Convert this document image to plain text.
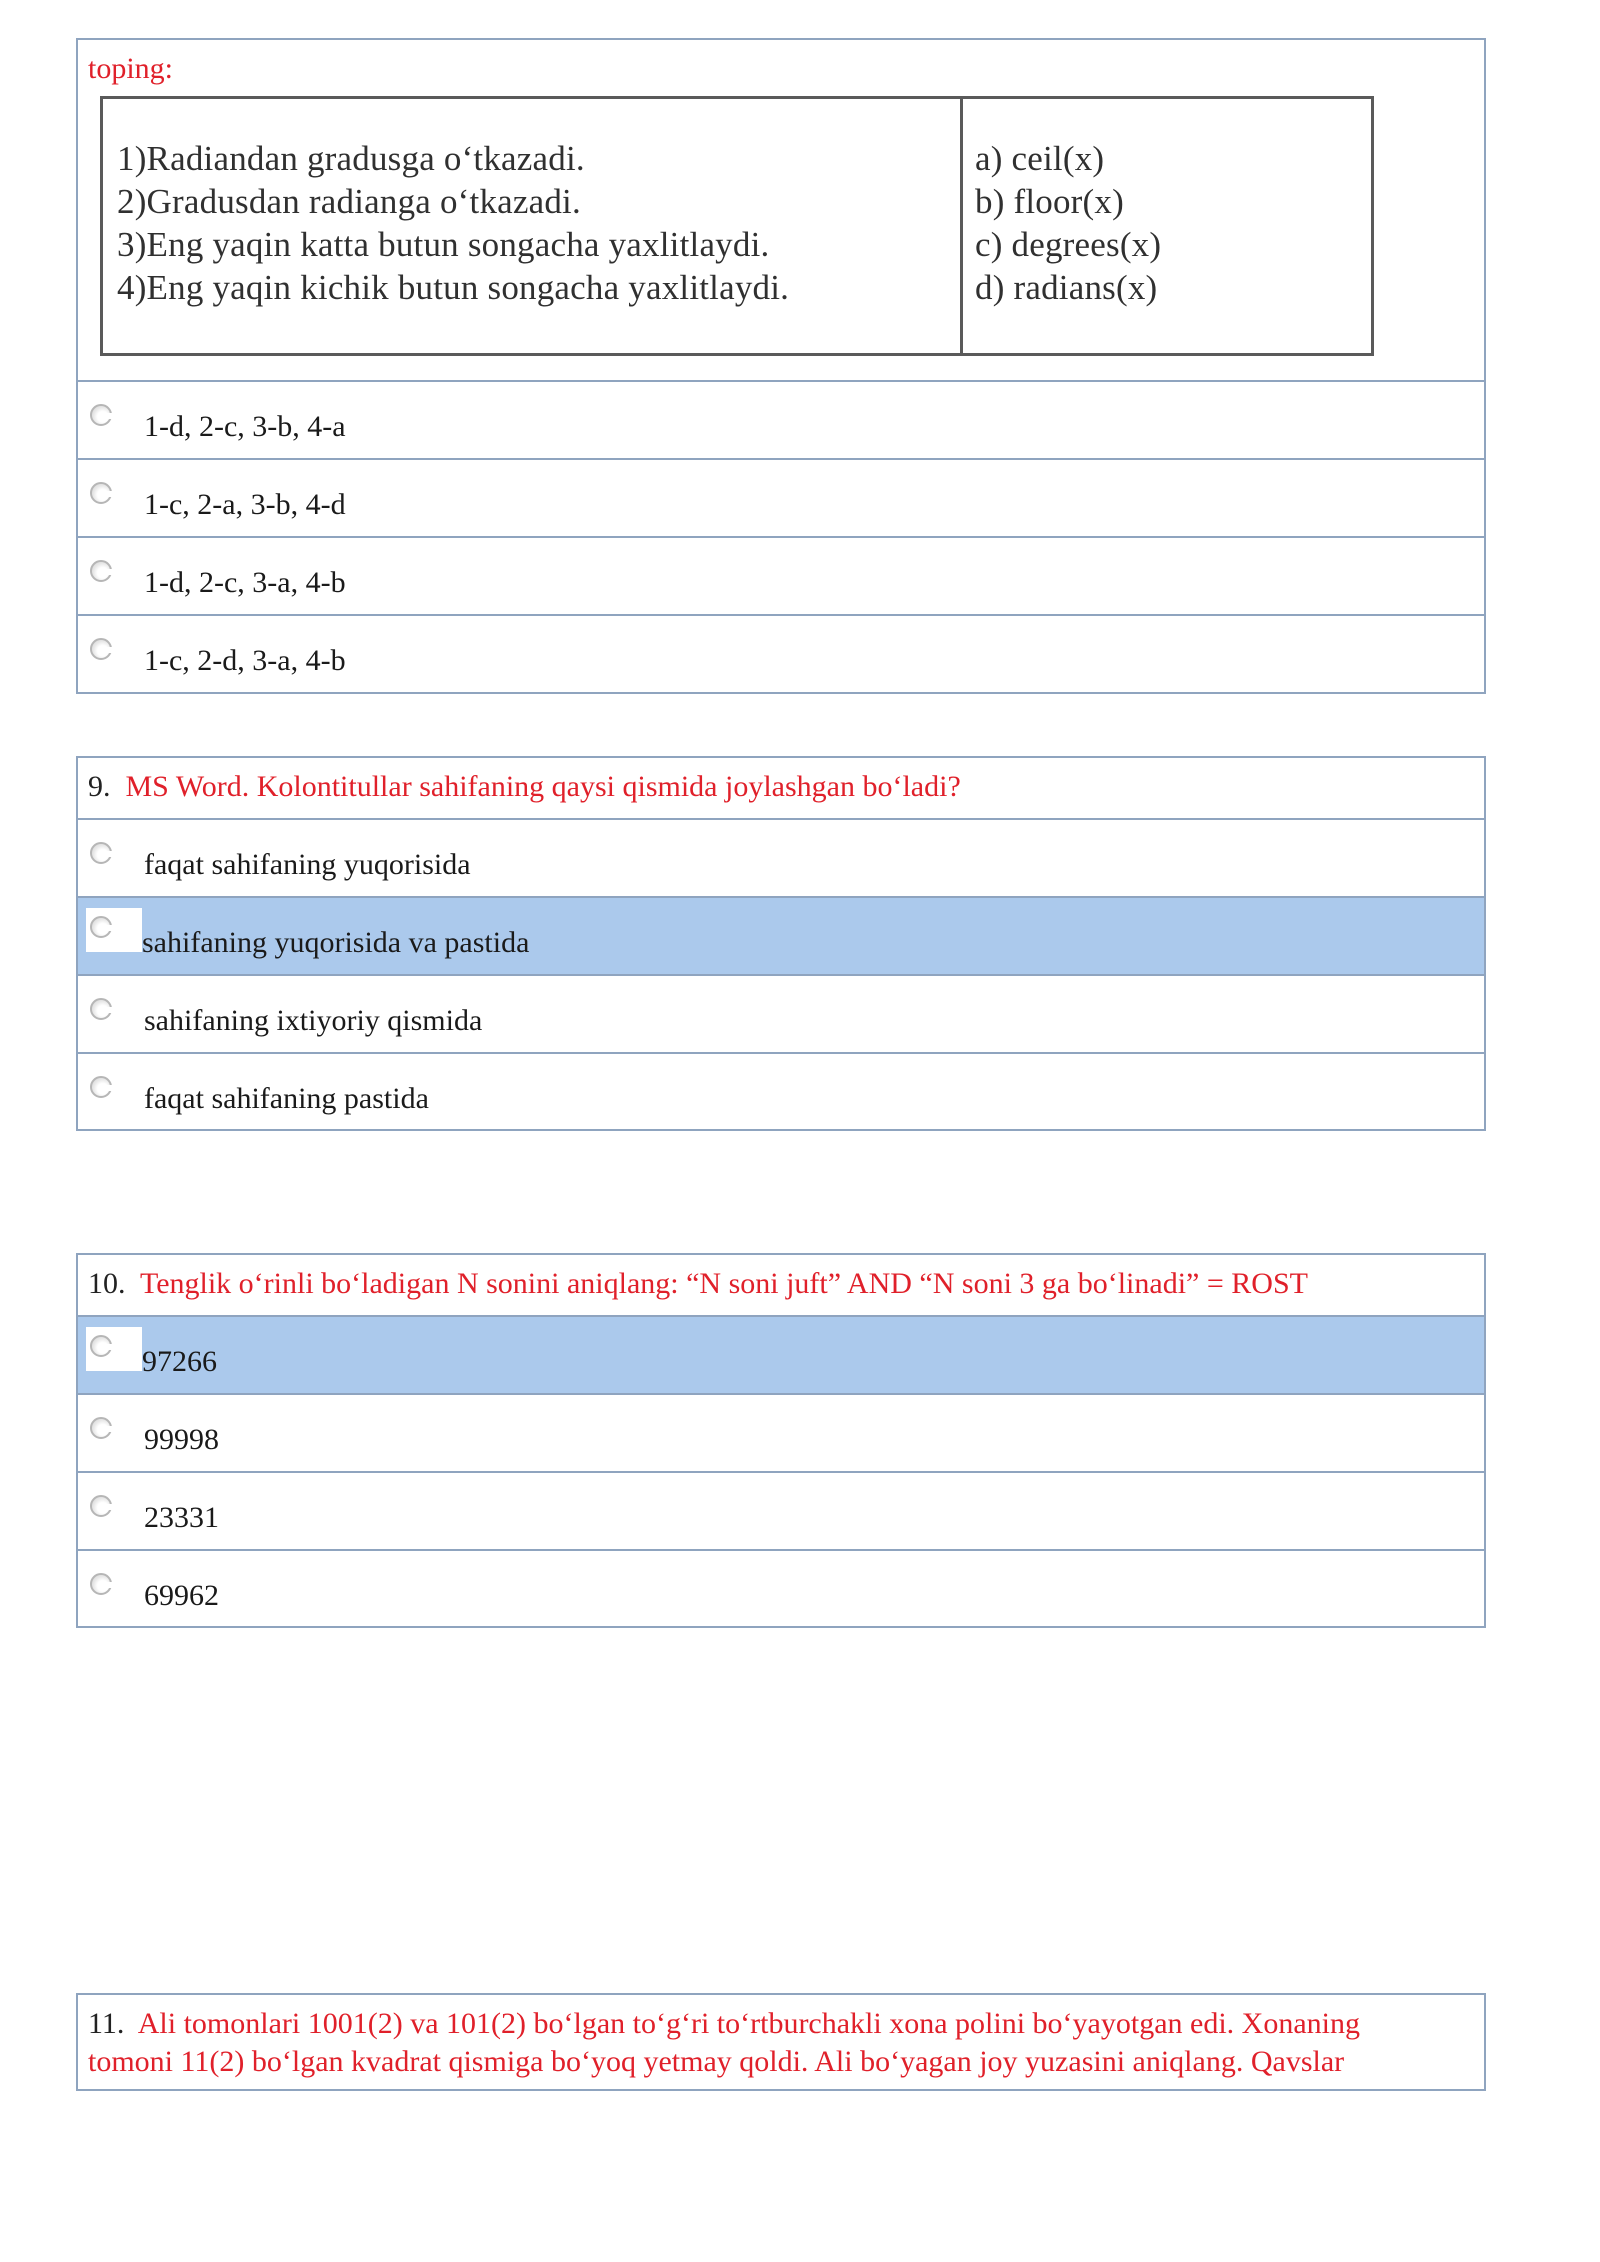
toping:
1)Radiandan gradusga o‘tkazadi.
2)Gradusdan radianga o‘tkazadi.
3)Eng yaqin katta butun songacha yaxlitlaydi.
4)Eng yaqin kichik butun songacha yaxlitlaydi.
a) ceil(x)
b) floor(x)
c) degrees(x)
d) radians(x)
1-d, 2-c, 3-b, 4-a
1-c, 2-a, 3-b, 4-d
1-d, 2-c, 3-a, 4-b
1-c, 2-d, 3-a, 4-b
9. MS Word. Kolontitullar sahifaning qaysi qismida joylashgan bo‘ladi?
faqat sahifaning yuqorisida
sahifaning yuqorisida va pastida
sahifaning ixtiyoriy qismida
faqat sahifaning pastida
10. Tenglik o‘rinli bo‘ladigan N sonini aniqlang: “N soni juft” AND “N soni 3 ga bo‘linadi” = ROST
97266
99998
23331
69962
11. Ali tomonlari 1001(2) va 101(2) bo‘lgan to‘g‘ri to‘rtburchakli xona polini bo‘yayotgan edi. Xonaning
tomoni 11(2) bo‘lgan kvadrat qismiga bo‘yoq yetmay qoldi. Ali bo‘yagan joy yuzasini aniqlang. Qavslar
